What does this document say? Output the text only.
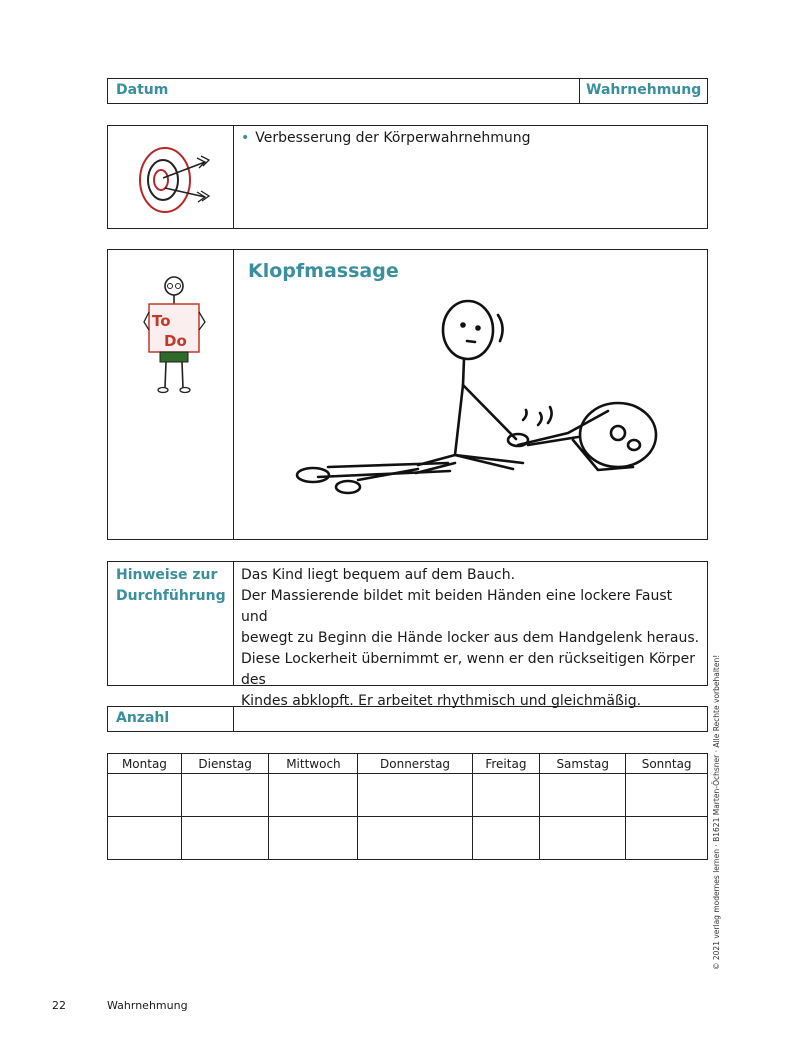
Datum	Wahrnehmung
• Verbesserung der Körperwahrnehmung
To
Do
Klopfmassage
Hinweise zur
Durchführung
Das Kind liegt bequem auf dem Bauch.
Der Massierende bildet mit beiden Händen eine lockere Faust und
bewegt zu Beginn die Hände locker aus dem Handgelenk heraus.
Diese Lockerheit übernimmt er, wenn er den rückseitigen Körper des
Kindes abklopft. Er arbeitet rhythmisch und gleichmäßig.
Anzahl
Montag	Dienstag	Mittwoch	Donnerstag	Freitag	Samstag	Sonntag

22	Wahrnehmung
© 2021 verlag modernes lernen · B1621 Marten-Öchsner · Alle Rechte vorbehalten!
